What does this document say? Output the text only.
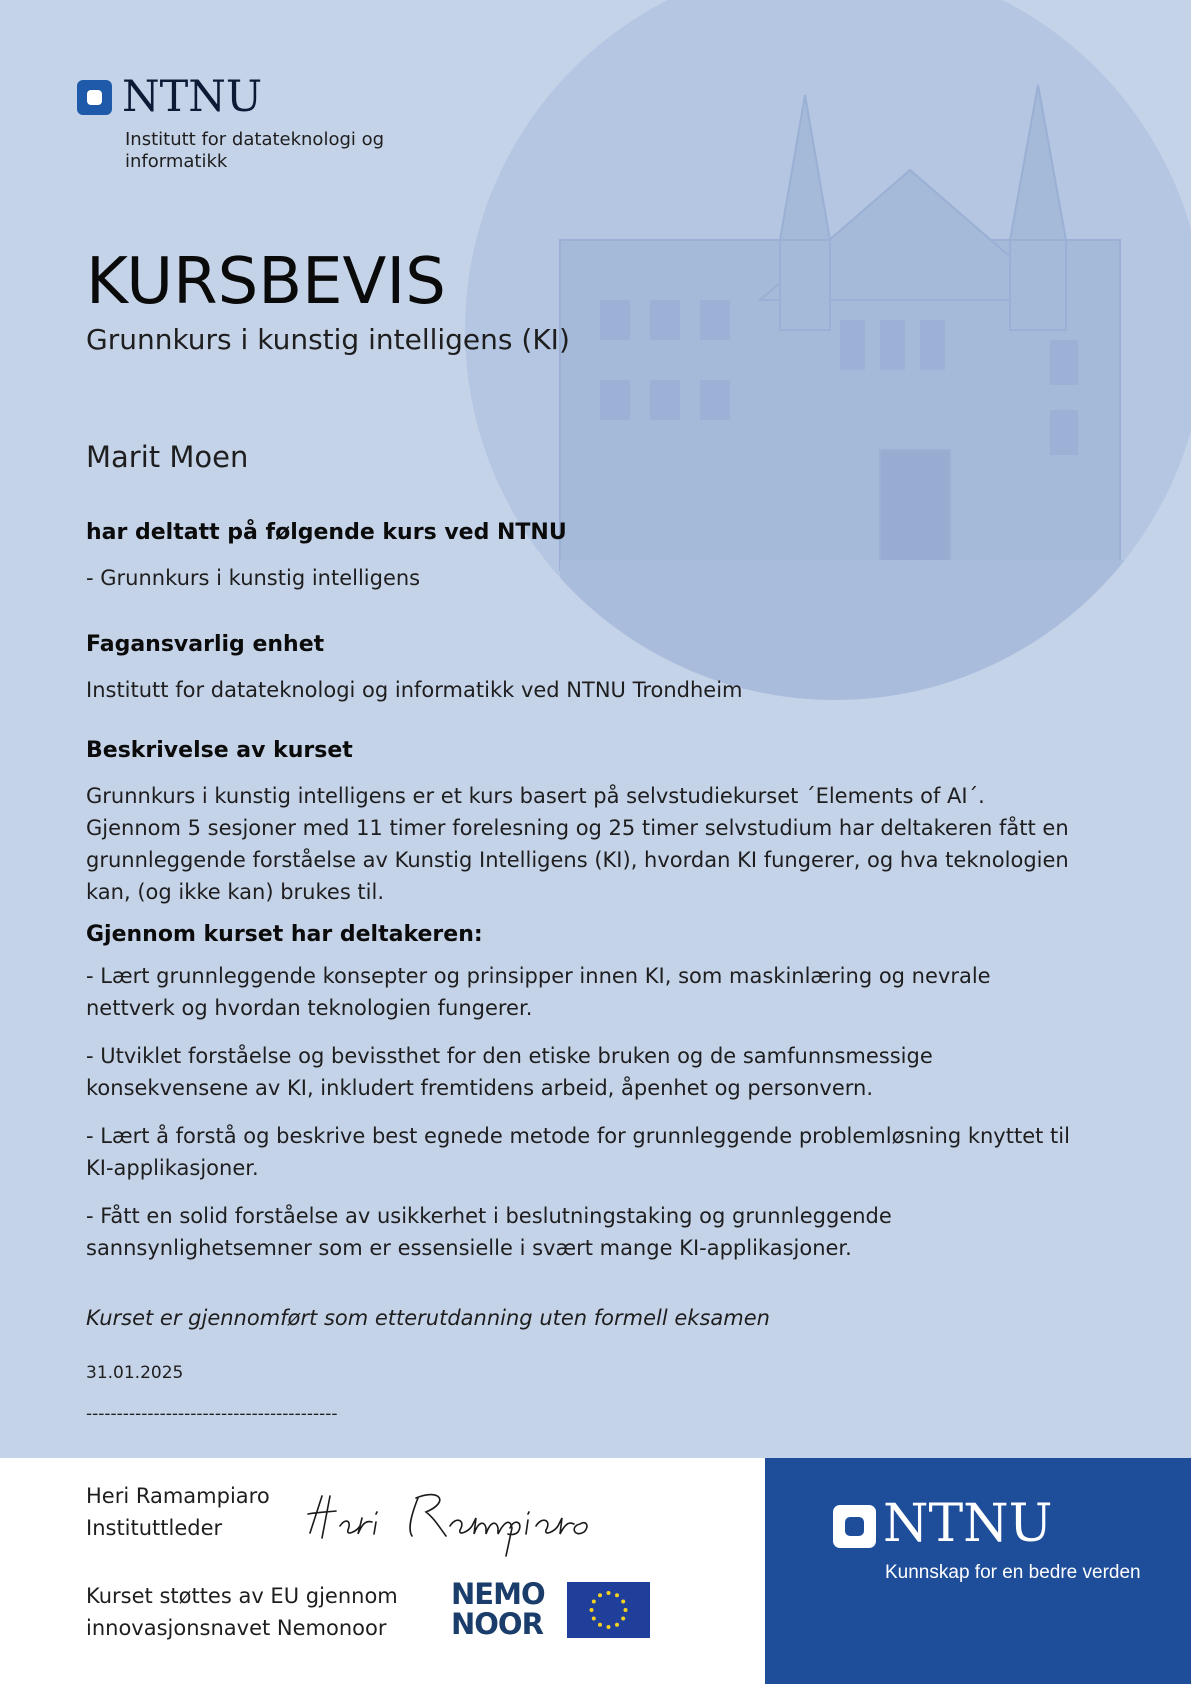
NTNU
Institutt for datateknologi og informatikk
KURSBEVIS
Grunnkurs i kunstig intelligens (KI)
Marit Moen
har deltatt på følgende kurs ved NTNU
- Grunnkurs i kunstig intelligens
Fagansvarlig enhet
Institutt for datateknologi og informatikk ved NTNU Trondheim
Beskrivelse av kurset
Grunnkurs i kunstig intelligens er et kurs basert på selvstudiekurset ´Elements of AI´. Gjennom 5 sesjoner med 11 timer forelesning og 25 timer selvstudium har deltakeren fått en grunnleggende forståelse av Kunstig Intelligens (KI), hvordan KI fungerer, og hva teknologien kan, (og ikke kan) brukes til.
Gjennom kurset har deltakeren:
- Lært grunnleggende konsepter og prinsipper innen KI, som maskinlæring og nevrale nettverk og hvordan teknologien fungerer.
- Utviklet forståelse og bevissthet for den etiske bruken og de samfunnsmessige konsekvensene av KI, inkludert fremtidens arbeid, åpenhet og personvern.
- Lært å forstå og beskrive best egnede metode for grunnleggende problemløsning knyttet til KI-applikasjoner.
- Fått en solid forståelse av usikkerhet i beslutningstaking og grunnleggende sannsynlighetsemner som er essensielle i svært mange KI-applikasjoner.
Kurset er gjennomført som etterutdanning uten formell eksamen
31.01.2025
-----------------------------------------
NTNU
Kunnskap for en bedre verden
Heri Ramampiaro
Instituttleder
Kurset støttes av EU gjennom
innovasjonsnavet Nemonoor
NEMO
NOOR
